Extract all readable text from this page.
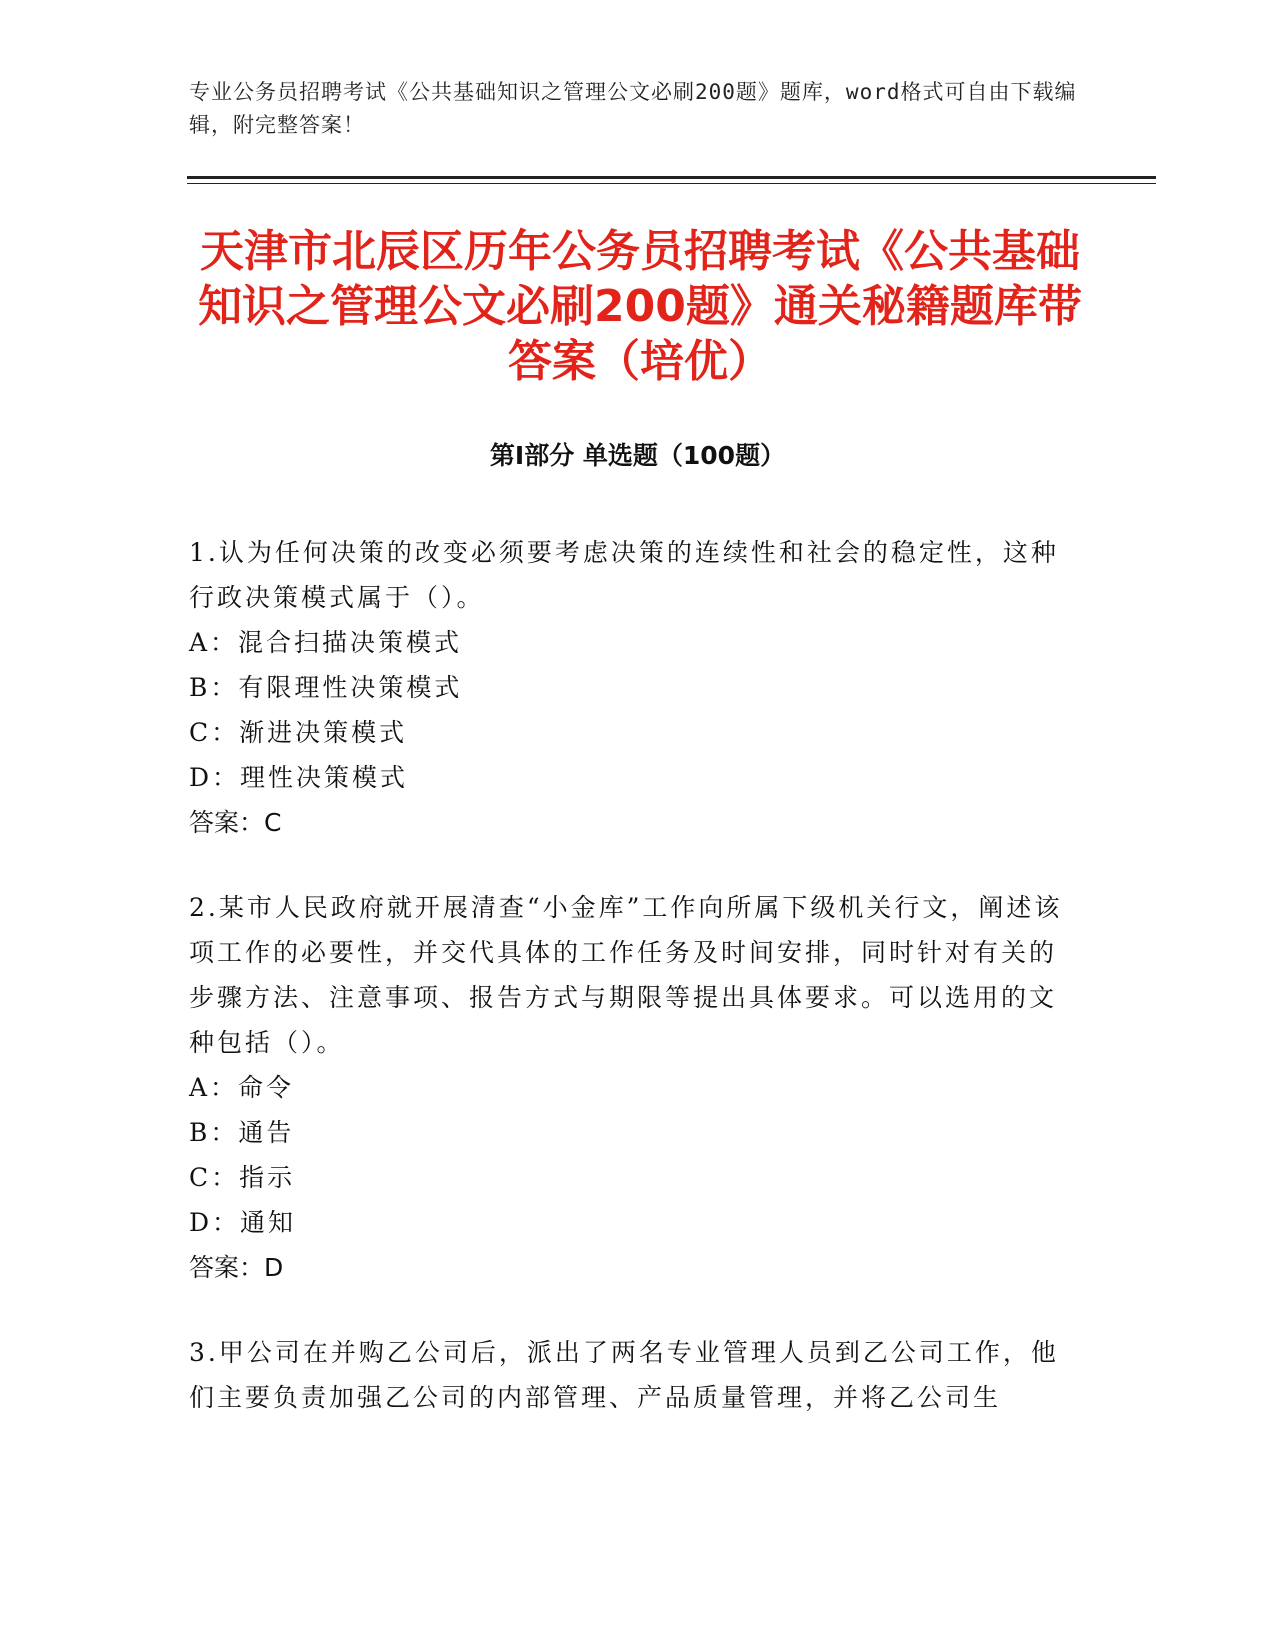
专业公务员招聘考试《公共基础知识之管理公文必刷200题》题库，word格式可自由下载编辑，附完整答案！
天津市北辰区历年公务员招聘考试《公共基础知识之管理公文必刷200题》通关秘籍题库带答案（培优）
第Ⅰ部分 单选题（100题）

1.认为任何决策的改变必须要考虑决策的连续性和社会的稳定性，这种行政决策模式属于（）。

A：混合扫描决策模式

B：有限理性决策模式

C：渐进决策模式

D：理性决策模式

答案：C

2.某市人民政府就开展清查“小金库”工作向所属下级机关行文，阐述该项工作的必要性，并交代具体的工作任务及时间安排，同时针对有关的步骤方法、注意事项、报告方式与期限等提出具体要求。可以选用的文种包括（）。

A：命令

B：通告

C：指示

D：通知

答案：D

3.甲公司在并购乙公司后，派出了两名专业管理人员到乙公司工作，他们主要负责加强乙公司的内部管理、产品质量管理，并将乙公司生
